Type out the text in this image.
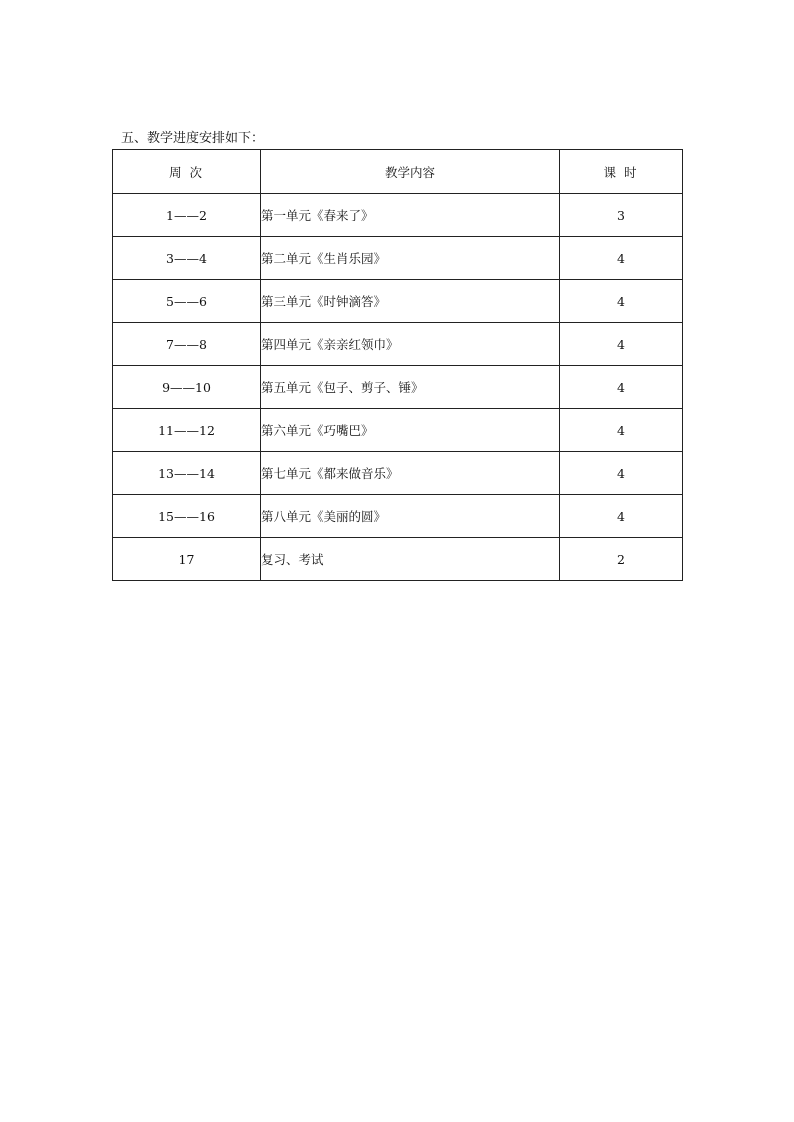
五、教学进度安排如下：
周 次	教学内容	课 时
1——2	第一单元《春来了》	3
3——4	第二单元《生肖乐园》	4
5——6	第三单元《时钟滴答》	4
7——8	第四单元《亲亲红领巾》	4
9——10	第五单元《包子、剪子、锤》	4
11——12	第六单元《巧嘴巴》	4
13——14	第七单元《都来做音乐》	4
15——16	第八单元《美丽的圆》	4
17	复习、考试	2
